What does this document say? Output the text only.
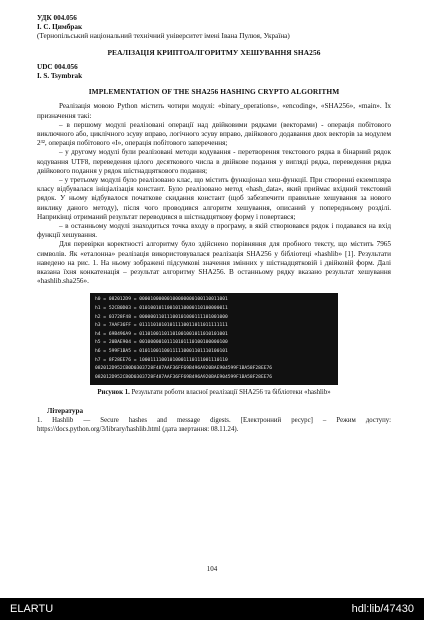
УДК 004.056

І. С. Цимбрак

(Тернопільський національний технічний університет імені Івана Пулюя, Україна)

РЕАЛІЗАЦІЯ КРИПТОАЛГОРИТМУ ХЕШУВАННЯ SHA256

UDC 004.056

I. S. Tsymbrak

IMPLEMENTATION OF THE SHA256 HASHING CRYPTO ALGORITHM

Реалізація мовою Python містить чотири модулі: «binary_operations», «encoding», «SHA256», «main». Їх призначення такі:

– в першому модулі реалізовані операції над двійковими рядками (векторами) - операція побітового виключного або, циклічного зсуву вправо, логічного зсуву вправо, двійкового додавання двох векторів за модулем 2³², операція побітового «І», операція побітового заперечення;

– у другому модулі були реалізовані методи кодування - перетворення текстового рядка в бінарний рядок кодування UTF8, переведення цілого десяткового числа в двійкове подання у вигляді рядка, переведення рядка двійкового подання у рядок шістнадцяткового подання;

– у третьому модулі було реалізовано клас, що містить функціонал хеш-функції. При створенні екземпляра класу відбувалася ініціалізація констант. Було реалізовано метод «hash_data», який приймає вхідний текстовий рядок. У ньому відбувалося початкове скидання констант (щоб забезпечити правильне хешування за нового виклику даного методу), після чого проводився алгоритм хешування, описаний у попередньому розділі. Наприкінці отриманий результат переводився в шістнадцяткову форму і повертався;

– в останньому модулі знаходиться точка входу в програму, в якій створювався рядок і подавався на вхід функції хешування.

Для перевірки коректності алгоритму було здійснено порівняння для пробного тексту, що містить 7965 символів. Як «еталонна» реалізація використовувалася реалізація SHA256 у бібліотеці «hashlib» [1]. Результати наведено на рис. 1. На ньому зображені підсумкові значення змінних у шістнадцятковій і двійковій форм. Далі вказана їхня конкатенація – результат алгоритму SHA256. В останньому рядку вказано результат хешування «hashlib.sha256».

h0 = 082012D9 = 00001000000100000000100110011001
h1 = 52CB0D03 = 01010010110010110000110100000011
h2 = 03728F48 = 00000011011100101000111101001000
h3 = 7AAF36FF = 01111010101011110011011011111111
h4 = 69B496A9 = 01101001101101001001011010101001
h5 = 20BAE904 = 00100000101110101110100100000100
h6 = 599F1BA5 = 01011001100111110001101110100101
h7 = 8F28EE76 = 10001111001010001110111001110110
082012D952CB0D0303728F487AAF36FF69B496A920BAE904599F1BA58F28EE76
082012D952CB0D0303728F487AAF36FF69B496A920BAE904599F1BA58F28EE76

Рисунок 1. Результати роботи власної реалізації SHA256 та бібліотеки «hashlib»

Література

1. Hashlib — Secure hashes and message digests. [Електронний ресурс] – Режим доступу: https://docs.python.org/3/library/hashlib.html (дата звертання: 08.11.24).

104
ELARTU	hdl:lib/47430
